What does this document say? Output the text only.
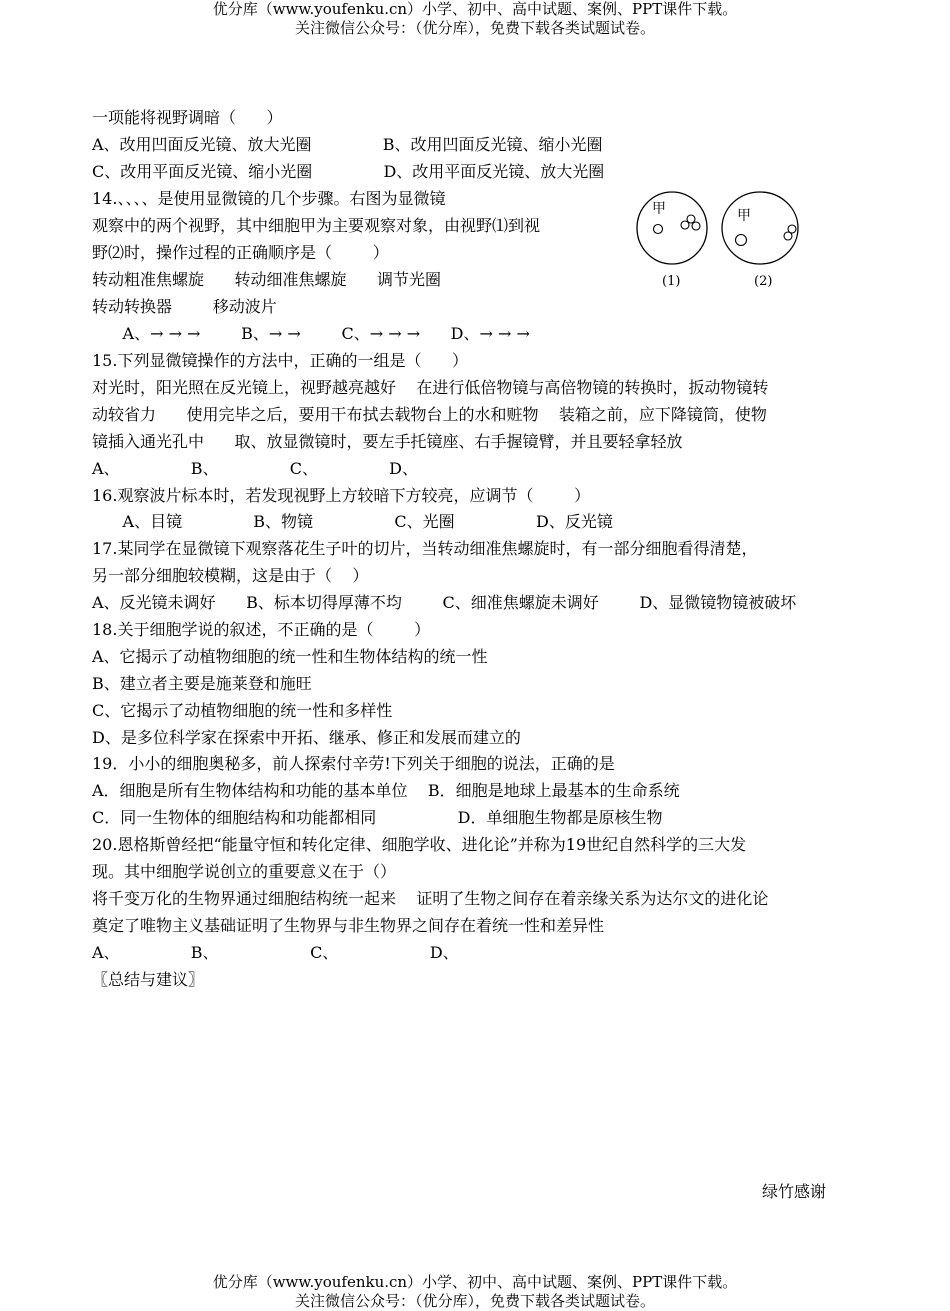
优分库（www.youfenku.cn）小学、初中、高中试题、案例、PPT课件下载。
关注微信公众号：（优分库），免费下载各类试题试卷。
一项能将视野调暗（      ）
A、改用凹面反光镜、放大光圈              B、改用凹面反光镜、缩小光圈
C、改用平面反光镜、缩小光圈              D、改用平面反光镜、放大光圈
14.、、、、是使用显微镜的几个步骤。右图为显微镜
观察中的两个视野，其中细胞甲为主要观察对象，由视野⑴到视
野⑵时，操作过程的正确顺序是（        ）
转动粗准焦螺旋      转动细准焦螺旋      调节光圈
转动转换器        移动波片
A、→ → →        B、→ →        C、→ → →      D、→ → →
15.下列显微镜操作的方法中，正确的一组是（      ）
对光时，阳光照在反光镜上，视野越亮越好    在进行低倍物镜与高倍物镜的转换时，扳动物镜转
动较省力      使用完毕之后，要用干布拭去载物台上的水和赃物    装箱之前，应下降镜筒，使物
镜插入通光孔中      取、放显微镜时，要左手托镜座、右手握镜臂，并且要轻拿轻放
A、              B、              C、              D、
16.观察波片标本时，若发现视野上方较暗下方较亮，应调节（        ）
A、目镜              B、物镜                C、光圈                D、反光镜
17.某同学在显微镜下观察落花生子叶的切片，当转动细准焦螺旋时，有一部分细胞看得清楚，
另一部分细胞较模糊，这是由于（    ）
A、反光镜未调好      B、标本切得厚薄不均        C、细准焦螺旋未调好        D、显微镜物镜被破坏
18.关于细胞学说的叙述，不正确的是（        ）
A、它揭示了动植物细胞的统一性和生物体结构的统一性
B、建立者主要是施莱登和施旺
C、它揭示了动植物细胞的统一性和多样性
D、是多位科学家在探索中开拓、继承、修正和发展而建立的
19．小小的细胞奥秘多，前人探索付辛劳!下列关于细胞的说法，正确的是
A．细胞是所有生物体结构和功能的基本单位    B．细胞是地球上最基本的生命系统
C．同一生物体的细胞结构和功能都相同                D．单细胞生物都是原核生物
20.恩格斯曾经把“能量守恒和转化定律、细胞学收、进化论”并称为19世纪自然科学的三大发
现。其中细胞学说创立的重要意义在于（）
将千变万化的生物界通过细胞结构统一起来    证明了生物之间存在着亲缘关系为达尔文的进化论
奠定了唯物主义基础证明了生物界与非生物界之间存在着统一性和差异性
A、              B、                  C、                  D、
〖总结与建议〗
甲	甲
(1)	(2)
绿竹感谢
优分库（www.youfenku.cn）小学、初中、高中试题、案例、PPT课件下载。
关注微信公众号：（优分库），免费下载各类试题试卷。
